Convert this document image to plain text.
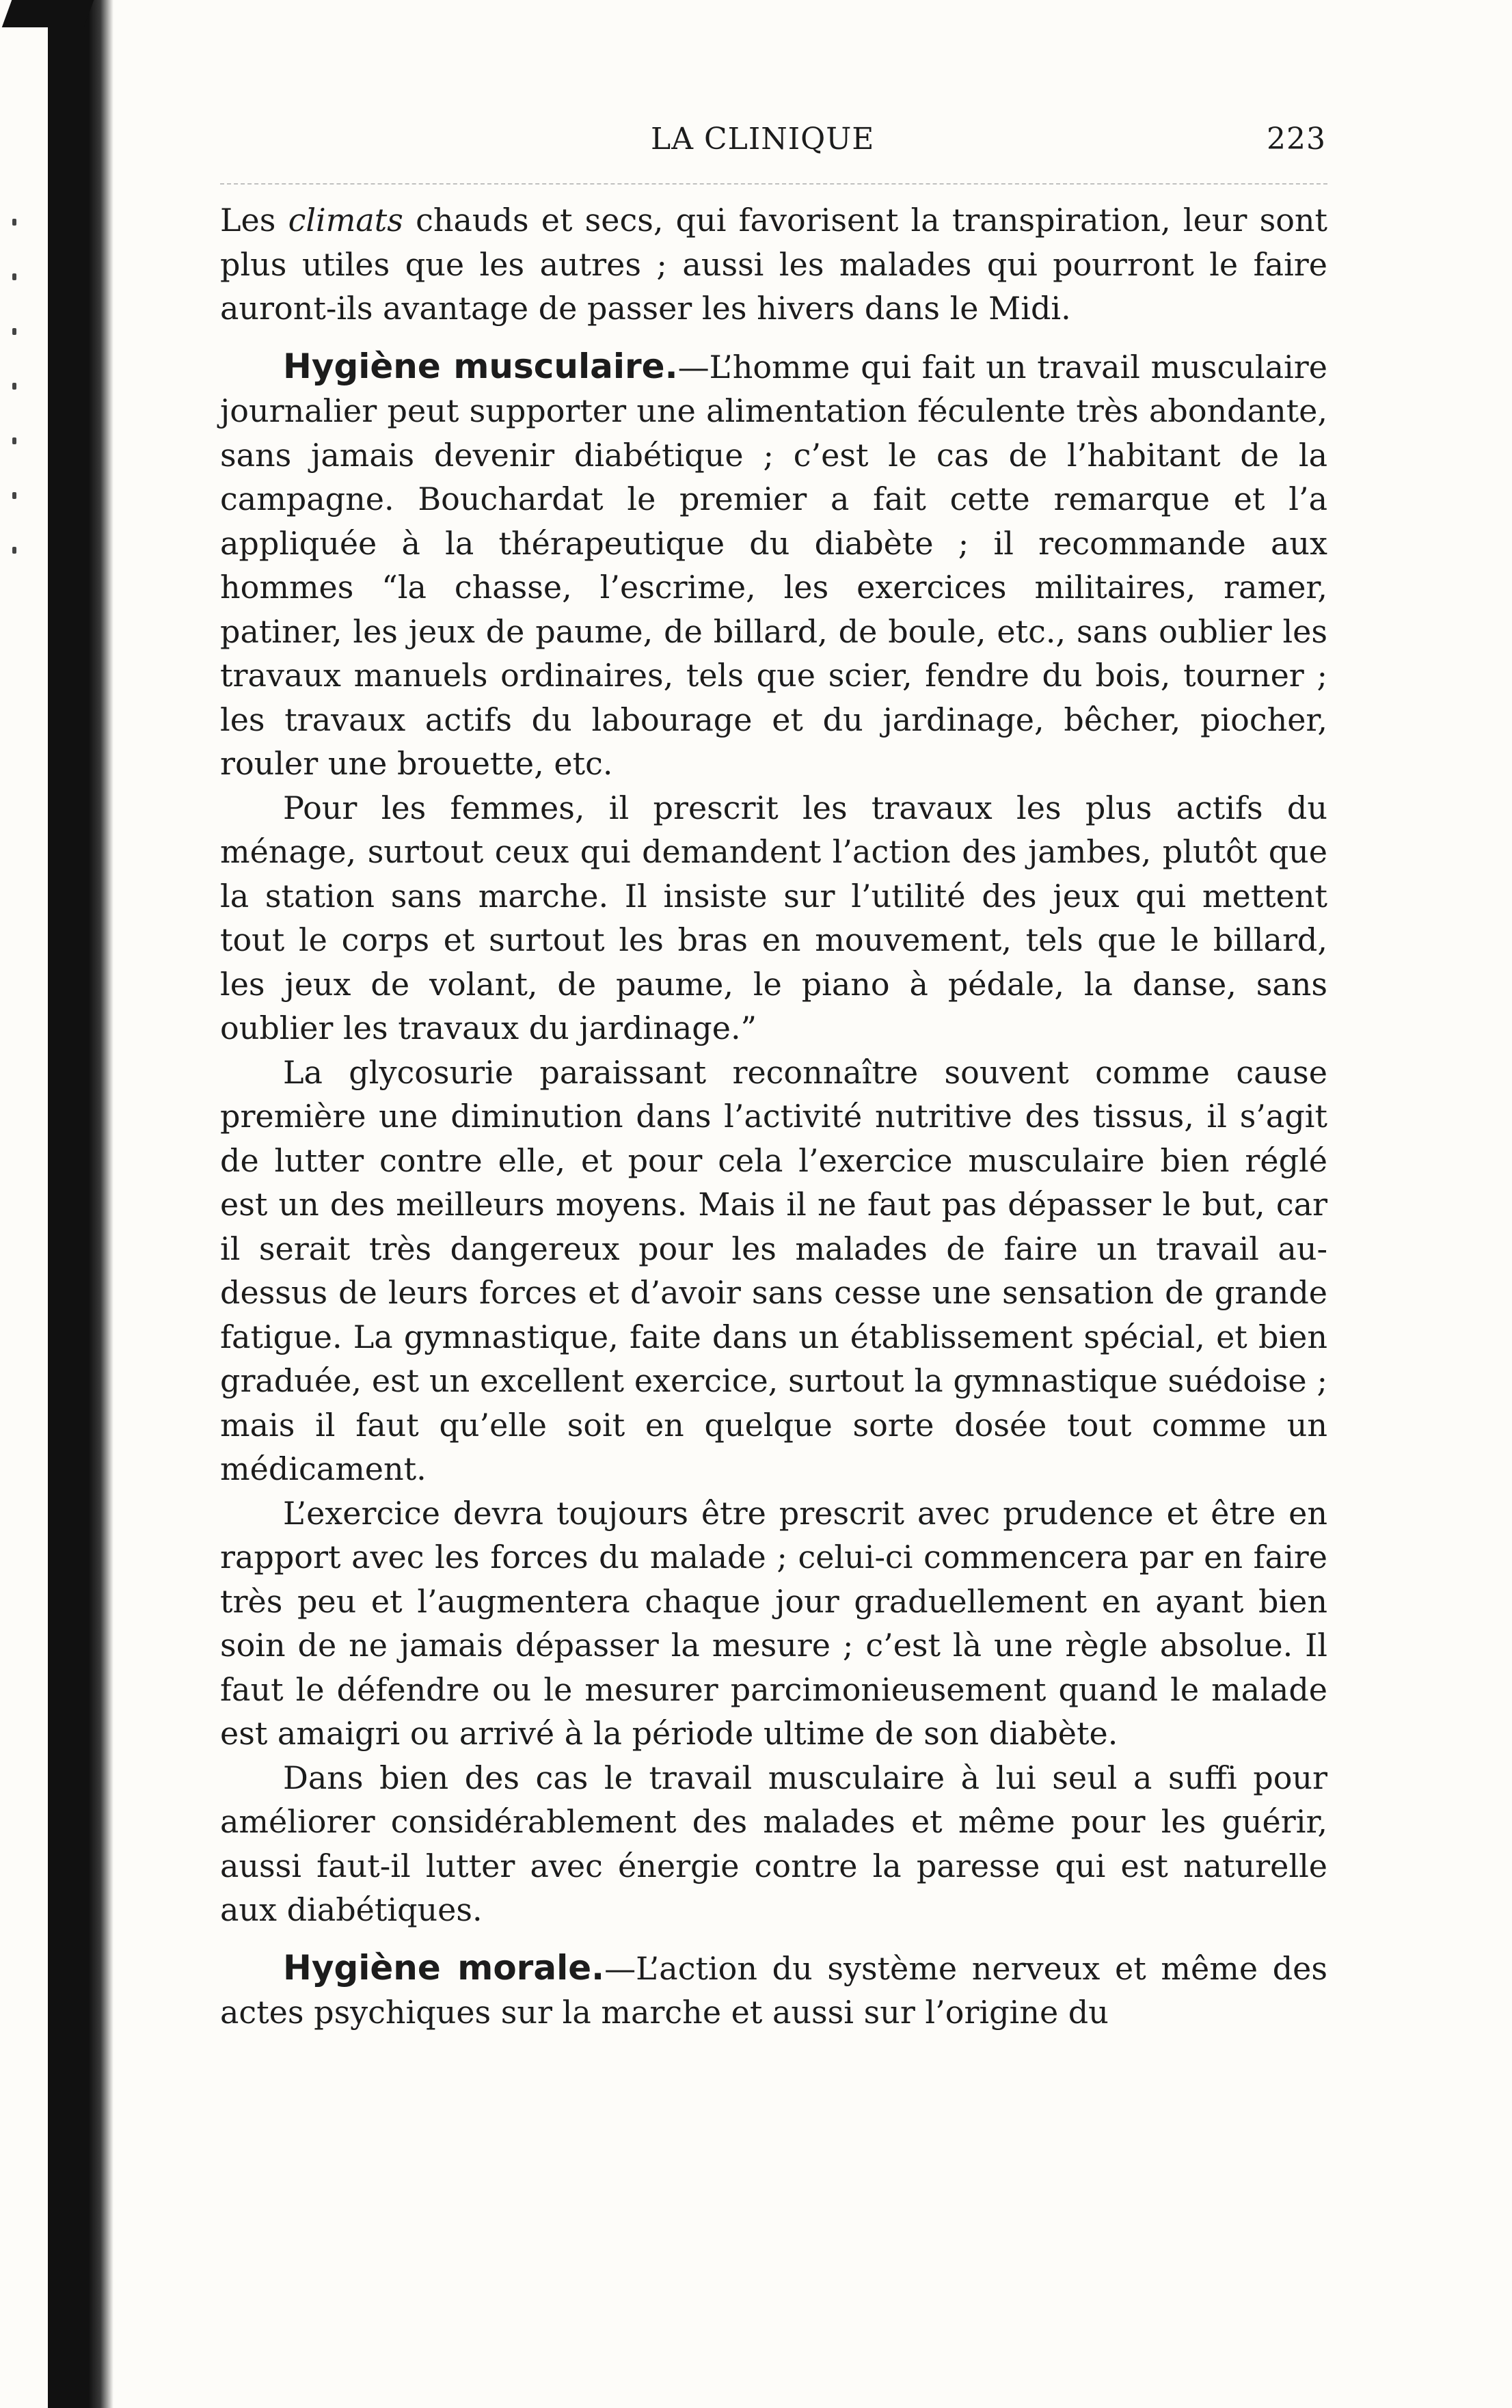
LA CLINIQUE	223

Les climats chauds et secs, qui favorisent la transpiration, leur sont plus utiles que les autres ; aussi les malades qui pourront le faire auront-ils avantage de passer les hivers dans le Midi.

Hygiène musculaire.—L’homme qui fait un travail musculaire journalier peut supporter une alimentation féculente très abondante, sans jamais devenir diabétique ; c’est le cas de l’habitant de la campagne. Bouchardat le premier a fait cette remarque et l’a appliquée à la thérapeutique du diabète ; il recommande aux hommes “la chasse, l’escrime, les exercices militaires, ramer, patiner, les jeux de paume, de billard, de boule, etc., sans oublier les travaux manuels ordinaires, tels que scier, fendre du bois, tourner ; les travaux actifs du labourage et du jardinage, bêcher, piocher, rouler une brouette, etc.

Pour les femmes, il prescrit les travaux les plus actifs du ménage, surtout ceux qui demandent l’action des jambes, plutôt que la station sans marche. Il insiste sur l’utilité des jeux qui mettent tout le corps et surtout les bras en mouvement, tels que le billard, les jeux de volant, de paume, le piano à pédale, la danse, sans oublier les travaux du jardinage.”

La glycosurie paraissant reconnaître souvent comme cause première une diminution dans l’activité nutritive des tissus, il s’agit de lutter contre elle, et pour cela l’exercice musculaire bien réglé est un des meilleurs moyens. Mais il ne faut pas dépasser le but, car il serait très dangereux pour les malades de faire un travail au-dessus de leurs forces et d’avoir sans cesse une sensation de grande fatigue. La gymnastique, faite dans un établissement spécial, et bien graduée, est un excellent exercice, surtout la gymnastique suédoise ; mais il faut qu’elle soit en quelque sorte dosée tout comme un médicament.

L’exercice devra toujours être prescrit avec prudence et être en rapport avec les forces du malade ; celui-ci commencera par en faire très peu et l’augmentera chaque jour graduellement en ayant bien soin de ne jamais dépasser la mesure ; c’est là une règle absolue. Il faut le défendre ou le mesurer parcimonieusement quand le malade est amaigri ou arrivé à la période ultime de son diabète.

Dans bien des cas le travail musculaire à lui seul a suffi pour améliorer considérablement des malades et même pour les guérir, aussi faut-il lutter avec énergie contre la paresse qui est naturelle aux diabétiques.

Hygiène morale.—L’action du système nerveux et même des actes psychiques sur la marche et aussi sur l’origine du
